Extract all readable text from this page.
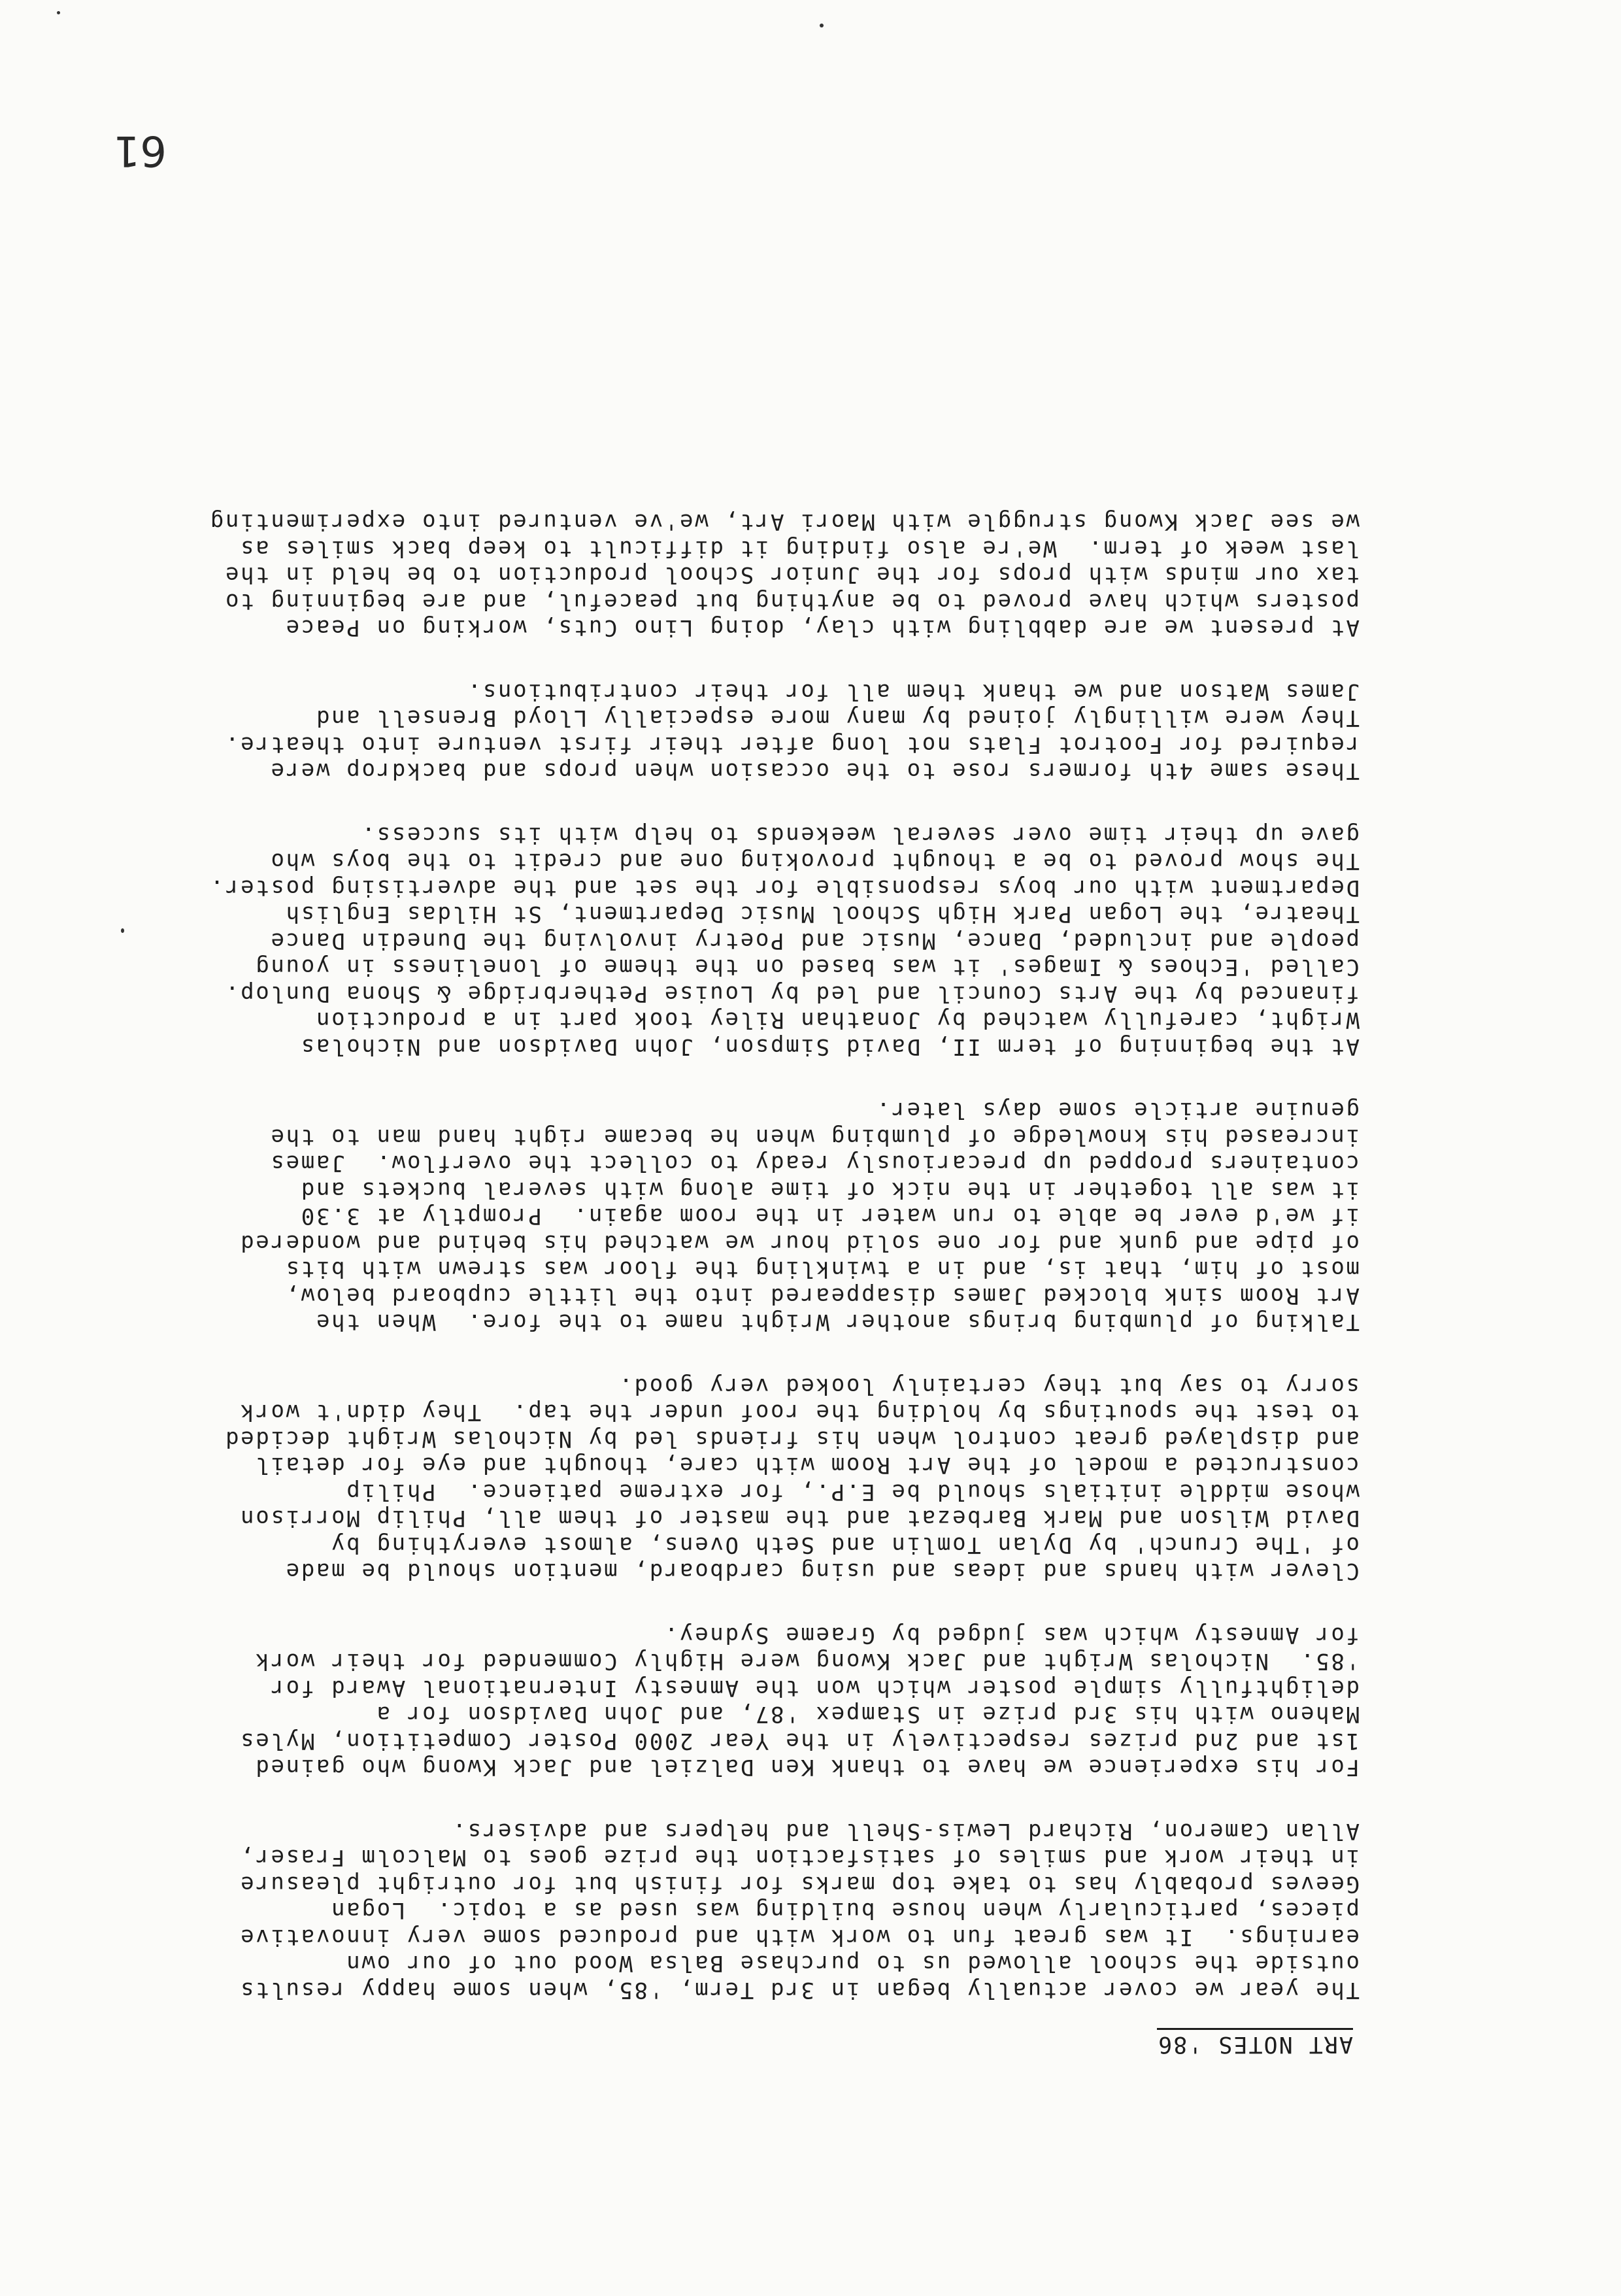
ART NOTES '86
The year we cover actually began in 3rd Term, '85, when some happy results
outside the school allowed us to purchase Balsa Wood out of our own
earnings.  It was great fun to work with and produced some very innovative
pieces, particularly when house building was used as a topic.  Logan
Geeves probably has to take top marks for finish but for outright pleasure
in their work and smiles of satisfaction the prize goes to Malcolm Fraser,
Allan Cameron, Richard Lewis-Shell and helpers and advisers.
For his experience we have to thank Ken Dalziel and Jack Kwong who gained
1st and 2nd prizes respectively in the Year 2000 Poster Competition, Myles
Maheno with his 3rd prize in Stampex '87, and John Davidson for a
delightfully simple poster which won the Amnesty International Award for
'85.  Nicholas Wright and Jack Kwong were Highly Commended for their work
for Amnesty which was judged by Graeme Sydney.
Clever with hands and ideas and using cardboard, mention should be made
of 'The Crunch' by Dylan Tomlin and Seth Ovens, almost everything by
David Wilson and Mark Barbezat and the master of them all, Philip Morrison
whose middle initials should be E.P., for extreme patience.  Philip
constructed a model of the Art Room with care, thought and eye for detail
and displayed great control when his friends led by Nicholas Wright decided
to test the spoutings by holding the roof under the tap.  They didn't work
sorry to say but they certainly looked very good.
Talking of plumbing brings another Wright name to the fore.  When the
Art Room sink blocked James disappeared into the little cupboard below,
most of him, that is, and in a twinkling the floor was strewn with bits
of pipe and gunk and for one solid hour we watched his behind and wondered
if we'd ever be able to run water in the room again.  Promptly at 3.30
it was all together in the nick of time along with several buckets and
containers propped up precariously ready to collect the overflow.  James
increased his knowledge of plumbing when he became right hand man to the
genuine article some days later.
At the beginning of term II, David Simpson, John Davidson and Nicholas
Wright, carefully watched by Jonathan Riley took part in a production
financed by the Arts Council and led by Louise Petherbridge & Shona Dunlop.
Called 'Echoes & Images' it was based on the theme of loneliness in young
people and included, Dance, Music and Poetry involving the Dunedin Dance
Theatre, the Logan Park High School Music Department, St Hildas English
Department with our boys responsible for the set and the advertising poster.
The show proved to be a thought provoking one and credit to the boys who
gave up their time over several weekends to help with its success.
These same 4th formers rose to the occasion when props and backdrop were
required for Footrot Flats not long after their first venture into theatre.
They were willingly joined by many more especially Lloyd Brensell and
James Watson and we thank them all for their contributions.
At present we are dabbling with clay, doing Lino Cuts, working on Peace
posters which have proved to be anything but peaceful, and are beginning to
tax our minds with props for the Junior School production to be held in the
last week of term.  We're also finding it difficult to keep back smiles as
we see Jack Kwong struggle with Maori Art, we've ventured into experimenting
61
